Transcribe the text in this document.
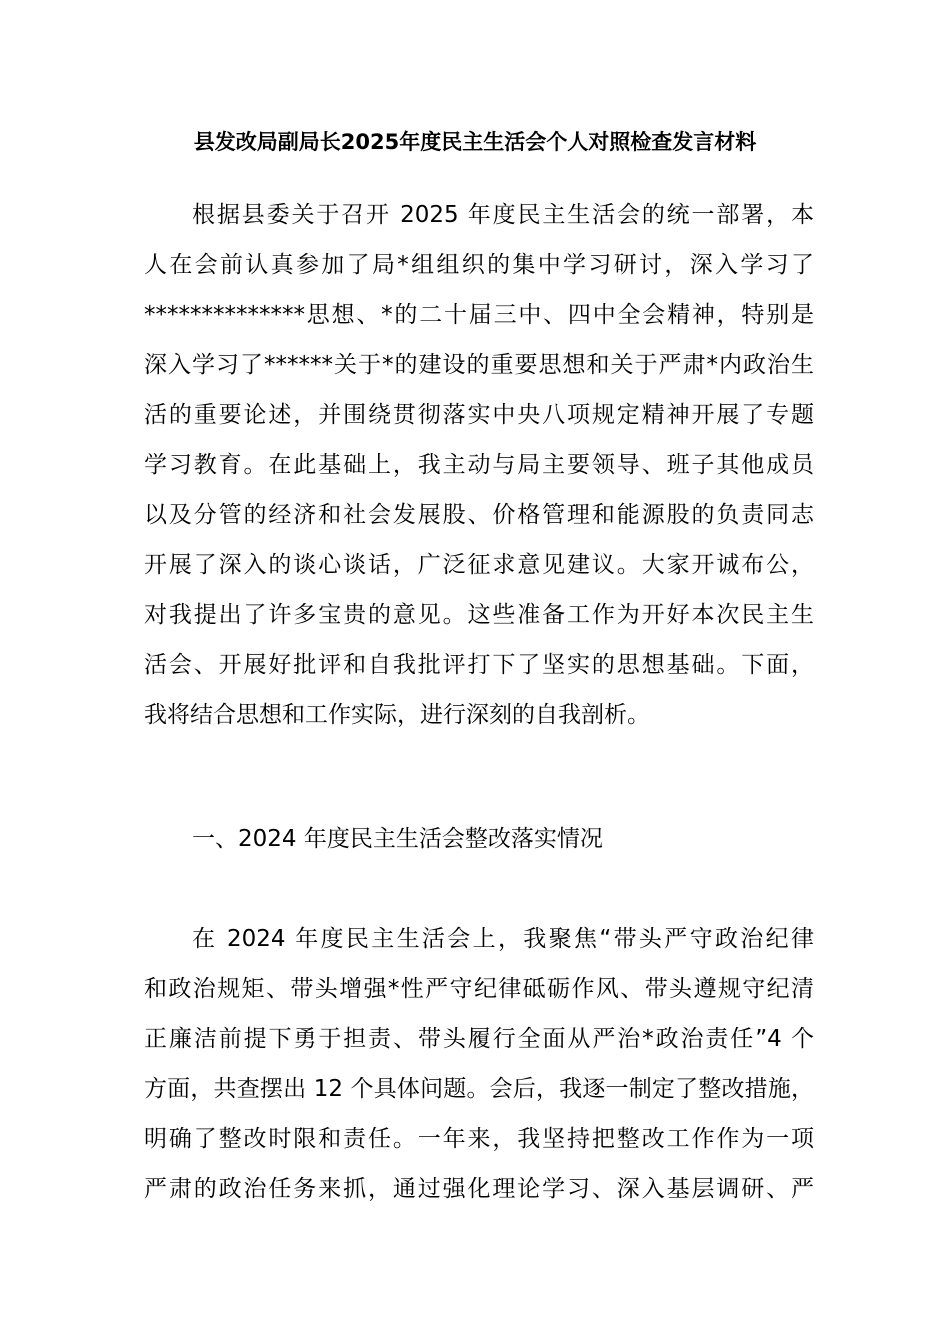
县发改局副局长2025年度民主生活会个人对照检查发言材料
根据县委关于召开 2025 年度民主生活会的统一部署，本
人在会前认真参加了局*组组织的集中学习研讨，深入学习了
**************思想、*的二十届三中、四中全会精神，特别是
深入学习了******关于*的建设的重要思想和关于严肃*内政治生
活的重要论述，并围绕贯彻落实中央八项规定精神开展了专题
学习教育。在此基础上，我主动与局主要领导、班子其他成员
以及分管的经济和社会发展股、价格管理和能源股的负责同志
开展了深入的谈心谈话，广泛征求意见建议。大家开诚布公，
对我提出了许多宝贵的意见。这些准备工作为开好本次民主生
活会、开展好批评和自我批评打下了坚实的思想基础。下面，
我将结合思想和工作实际，进行深刻的自我剖析。
一、2024 年度民主生活会整改落实情况
在 2024 年度民主生活会上，我聚焦“带头严守政治纪律
和政治规矩、带头增强*性严守纪律砥砺作风、带头遵规守纪清
正廉洁前提下勇于担责、带头履行全面从严治*政治责任”4 个
方面，共查摆出 12 个具体问题。会后，我逐一制定了整改措施，
明确了整改时限和责任。一年来，我坚持把整改工作作为一项
严肃的政治任务来抓，通过强化理论学习、深入基层调研、严
